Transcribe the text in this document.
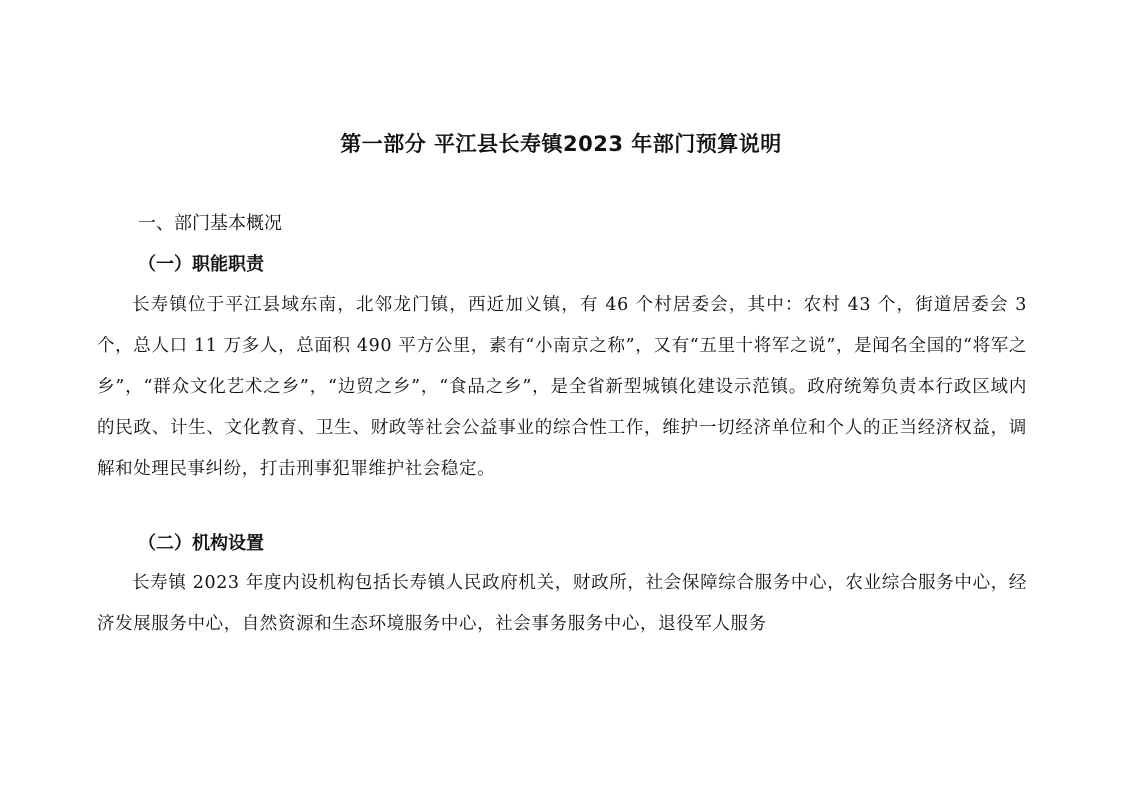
第一部分 平江县长寿镇2023 年部门预算说明
一、部门基本概况
（一）职能职责

长寿镇位于平江县域东南，北邻龙门镇，西近加义镇，有 46 个村居委会，其中：农村 43 个，街道居委会 3 个，总人口 11 万多人，总面积 490 平方公里，素有“小南京之称”，又有“五里十将军之说”，是闻名全国的“将军之乡”，“群众文化艺术之乡”，“边贸之乡”，“食品之乡”，是全省新型城镇化建设示范镇。政府统筹负责本行政区域内的民政、计生、文化教育、卫生、财政等社会公益事业的综合性工作，维护一切经济单位和个人的正当经济权益，调解和处理民事纠纷，打击刑事犯罪维护社会稳定。

（二）机构设置

长寿镇 2023 年度内设机构包括长寿镇人民政府机关，财政所，社会保障综合服务中心，农业综合服务中心，经济发展服务中心，自然资源和生态环境服务中心，社会事务服务中心，退役军人服务
